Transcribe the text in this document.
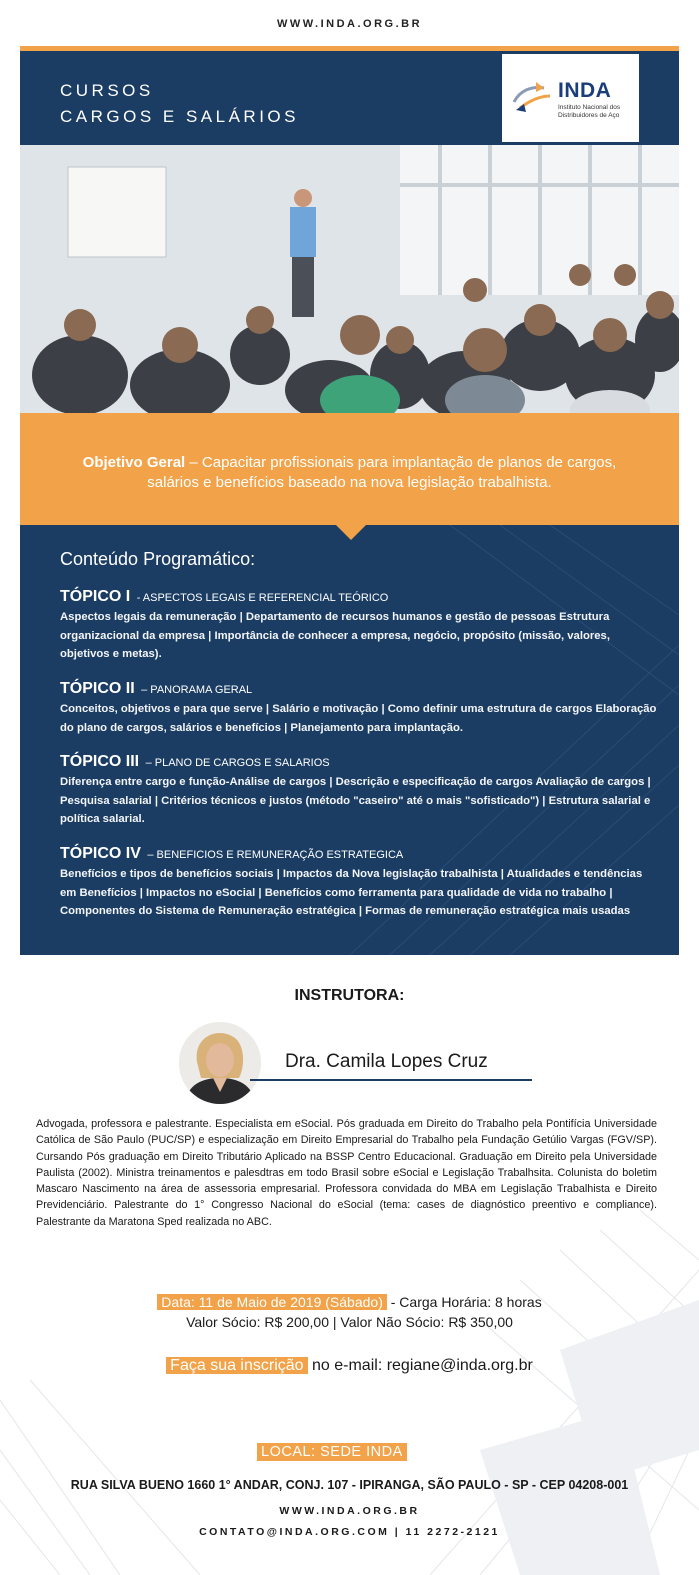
WWW.INDA.ORG.BR
CURSOS
CARGOS E SALÁRIOS
INDA
Instituto Nacional dos Distribuidores de Aço
Objetivo Geral – Capacitar profissionais para implantação de planos de cargos, salários e benefícios baseado na nova legislação trabalhista.
Conteúdo Programático:
TÓPICO I - ASPECTOS LEGAIS E REFERENCIAL TEÓRICO
Aspectos legais da remuneração | Departamento de recursos humanos e gestão de pessoas Estrutura organizacional da empresa | Importância de conhecer a empresa, negócio, propósito (missão, valores, objetivos e metas).
TÓPICO II – PANORAMA GERAL
Conceitos, objetivos e para que serve | Salário e motivação | Como definir uma estrutura de cargos Elaboração do plano de cargos, salários e benefícios | Planejamento para implantação.
TÓPICO III – PLANO DE CARGOS E SALARIOS
Diferença entre cargo e função-Análise de cargos | Descrição e especificação de cargos Avaliação de cargos | Pesquisa salarial | Critérios técnicos e justos (método "caseiro" até o mais "sofisticado") | Estrutura salarial e política salarial.
TÓPICO IV – BENEFICIOS E REMUNERAÇÃO ESTRATEGICA
Benefícios e tipos de benefícios sociais | Impactos da Nova legislação trabalhista | Atualidades e tendências em Benefícios | Impactos no eSocial | Benefícios como ferramenta para qualidade de vida no trabalho | Componentes do Sistema de Remuneração estratégica | Formas de remuneração estratégica mais usadas
INSTRUTORA:
Dra. Camila Lopes Cruz
Advogada, professora e palestrante. Especialista em eSocial. Pós graduada em Direito do Trabalho pela Pontifícia Universidade Católica de São Paulo (PUC/SP) e especialização em Direito Empresarial do Trabalho pela Fundação Getúlio Vargas (FGV/SP). Cursando Pós graduação em Direito Tributário Aplicado na BSSP Centro Educacional. Graduação em Direito pela Universidade Paulista (2002). Ministra treinamentos e palesdtras em todo Brasil sobre eSocial e Legislação Trabalhsita. Colunista do boletim Mascaro Nascimento na área de assessoria empresarial. Professora convidada do MBA em Legislação Trabalhista e Direito Previdenciário. Palestrante do 1° Congresso Nacional do eSocial (tema: cases de diagnóstico preentivo e compliance). Palestrante da Maratona Sped realizada no ABC.
Data: 11 de Maio de 2019 (Sábado) - Carga Horária: 8 horas
Valor Sócio: R$ 200,00 | Valor Não Sócio: R$ 350,00
Faça sua inscrição no e-mail: regiane@inda.org.br
LOCAL: SEDE INDA
RUA SILVA BUENO 1660 1° ANDAR, CONJ. 107 - IPIRANGA, SÃO PAULO - SP - CEP 04208-001
WWW.INDA.ORG.BR
CONTATO@INDA.ORG.COM | 11 2272-2121
